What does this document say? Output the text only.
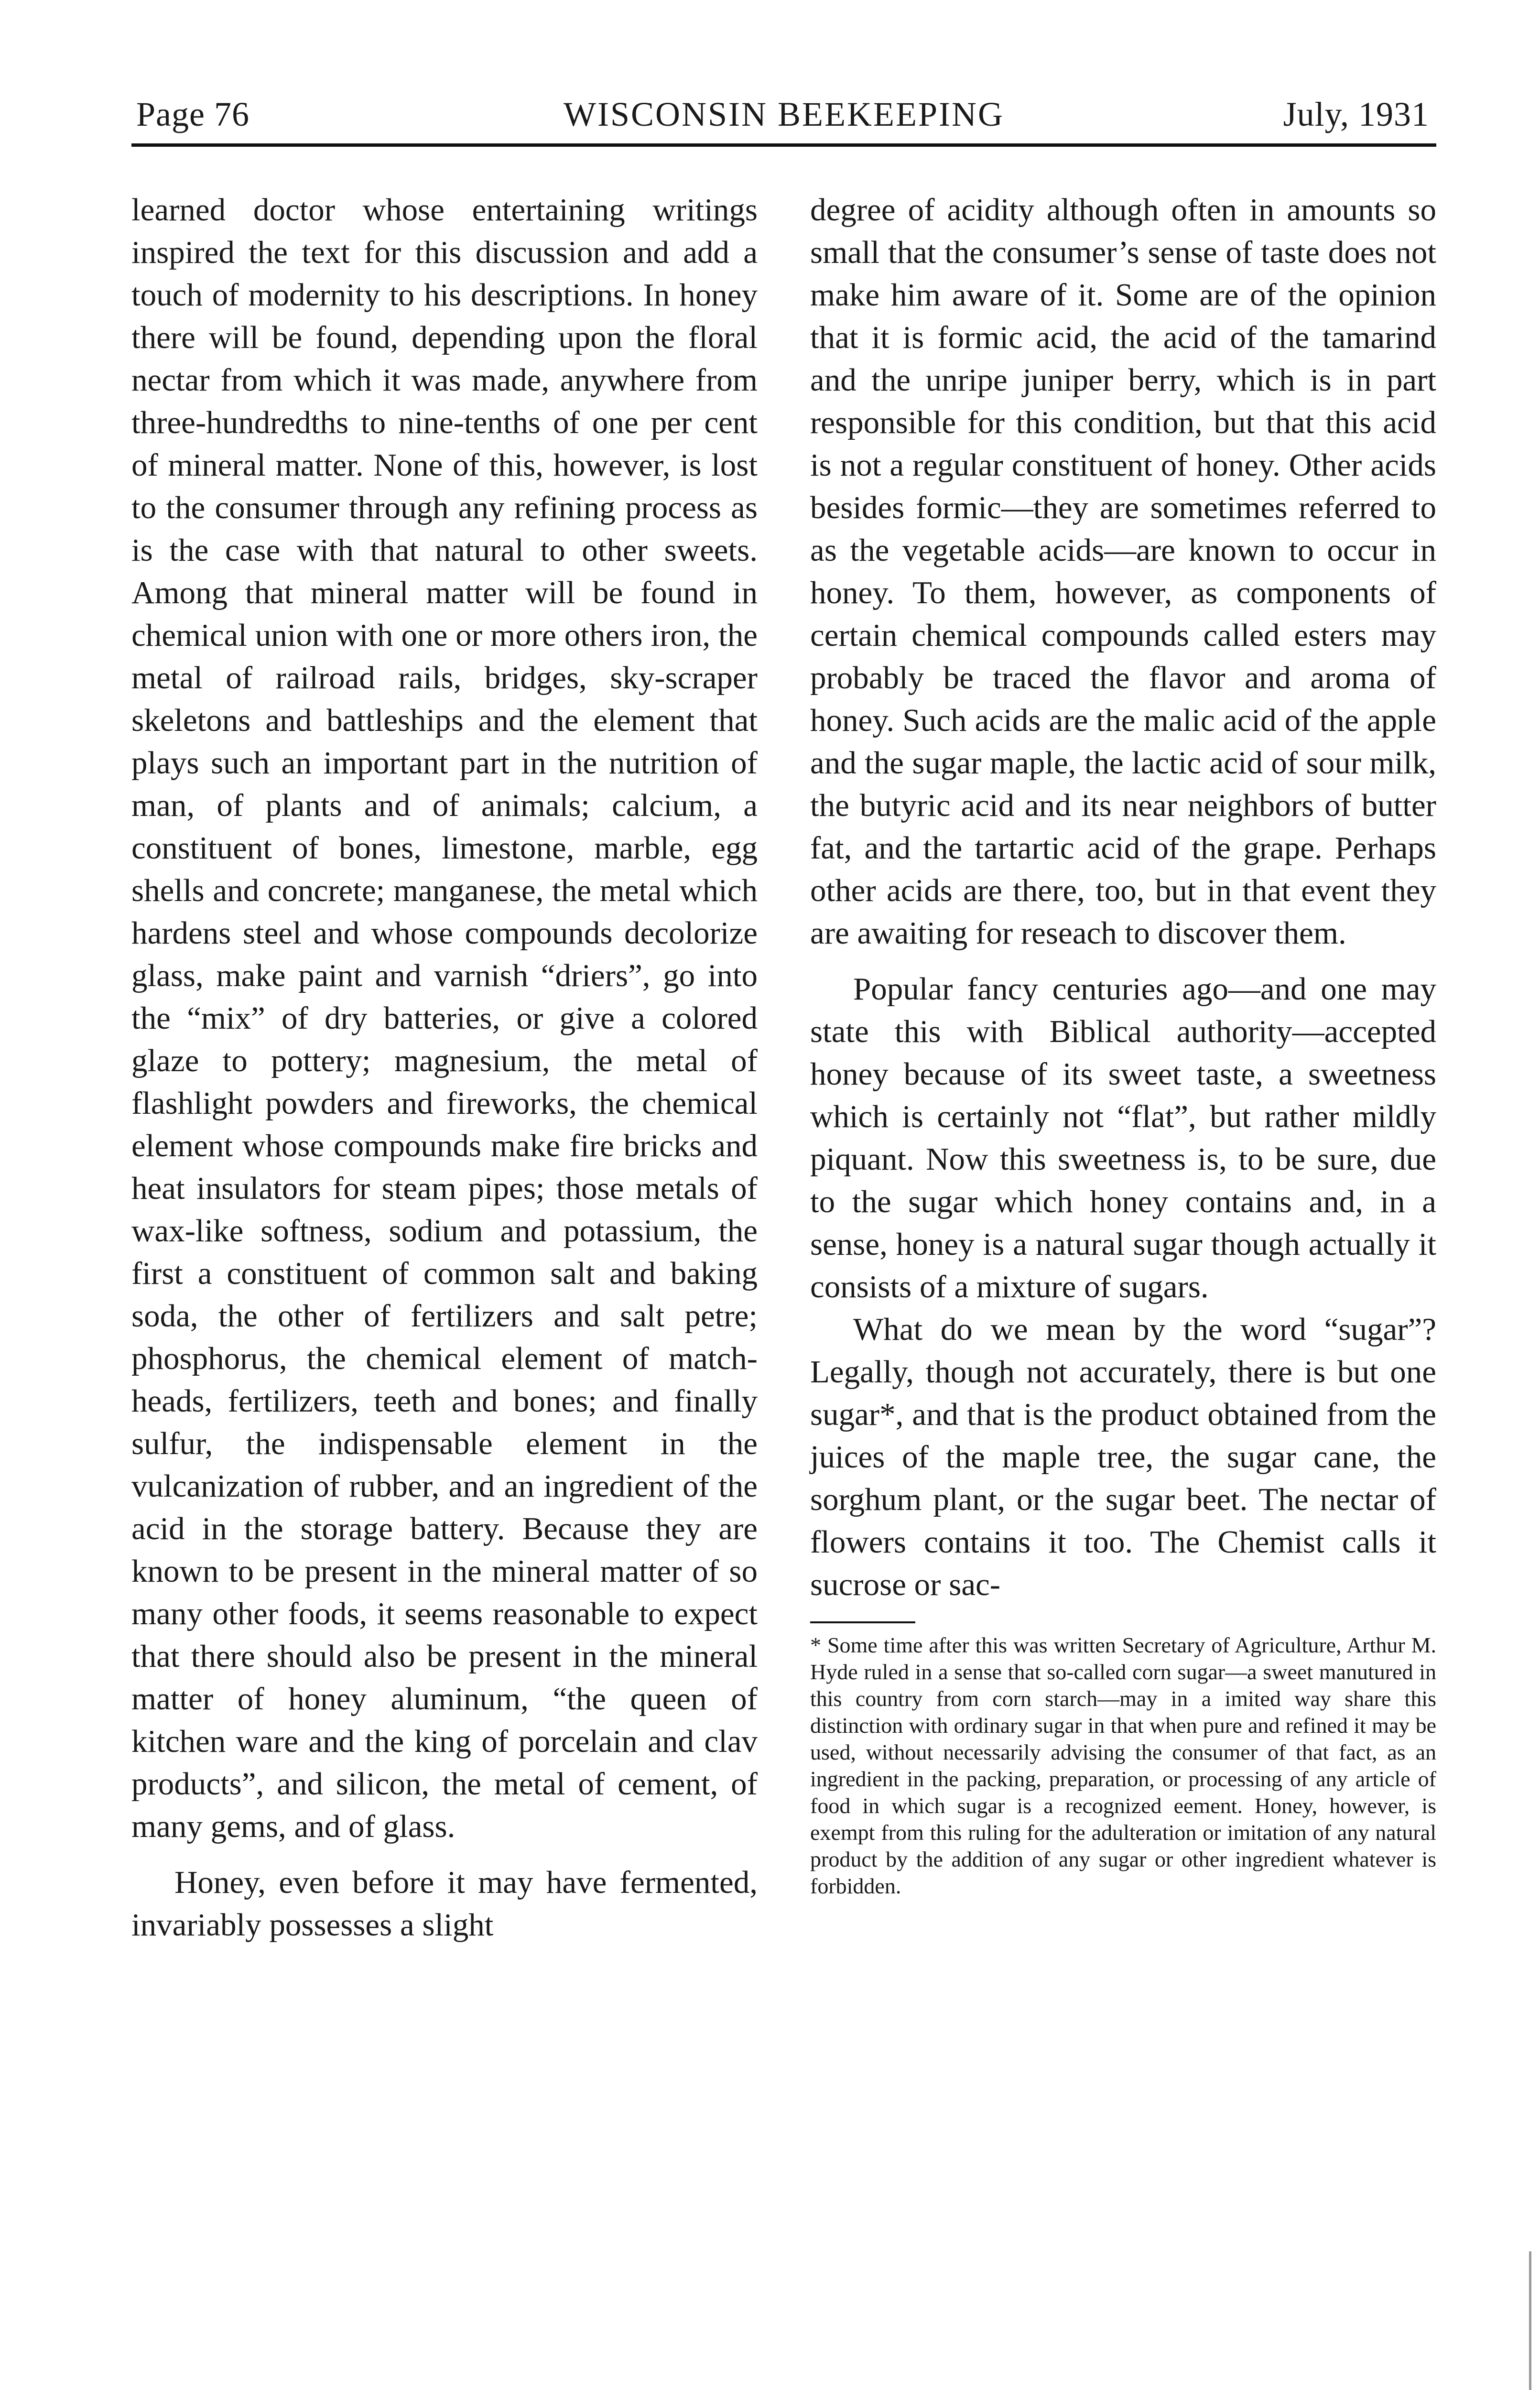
Page 76	WISCONSIN BEEKEEPING	July, 1931

learned doctor whose entertaining writings inspired the text for this discussion and add a touch of modernity to his descriptions. In honey there will be found, depending upon the floral nectar from which it was made, anywhere from three-hundredths to nine-tenths of one per cent of mineral matter. None of this, however, is lost to the consumer through any refining process as is the case with that natural to other sweets. Among that mineral matter will be found in chemical union with one or more others iron, the metal of railroad rails, bridges, sky-scraper skeletons and battleships and the element that plays such an important part in the nutrition of man, of plants and of animals; calcium, a constituent of bones, limestone, marble, egg shells and concrete; manganese, the metal which hardens steel and whose compounds decolorize glass, make paint and varnish “driers”, go into the “mix” of dry batteries, or give a colored glaze to pottery; magnesium, the metal of flashlight powders and fireworks, the chemical element whose compounds make fire bricks and heat insulators for steam pipes; those metals of wax-like softness, sodium and potassium, the first a constituent of common salt and baking soda, the other of fertilizers and salt petre; phosphorus, the chemical element of match-heads, fertilizers, teeth and bones; and finally sulfur, the indispensable element in the vulcanization of rubber, and an ingredient of the acid in the storage battery. Because they are known to be present in the mineral matter of so many other foods, it seems reasonable to expect that there should also be present in the mineral matter of honey aluminum, “the queen of kitchen ware and the king of porcelain and clav products”, and silicon, the metal of cement, of many gems, and of glass.

Honey, even before it may have fermented, invariably possesses a slight

degree of acidity although often in amounts so small that the consumer’s sense of taste does not make him aware of it. Some are of the opinion that it is formic acid, the acid of the tamarind and the unripe juniper berry, which is in part responsible for this condition, but that this acid is not a regular constituent of honey. Other acids besides formic—they are sometimes referred to as the vegetable acids—are known to occur in honey. To them, however, as components of certain chemical compounds called esters may probably be traced the flavor and aroma of honey. Such acids are the malic acid of the apple and the sugar maple, the lactic acid of sour milk, the butyric acid and its near neighbors of butter fat, and the tartartic acid of the grape. Perhaps other acids are there, too, but in that event they are awaiting for reseach to discover them.

Popular fancy centuries ago—and one may state this with Biblical authority—accepted honey because of its sweet taste, a sweetness which is certainly not “flat”, but rather mildly piquant. Now this sweetness is, to be sure, due to the sugar which honey contains and, in a sense, honey is a natural sugar though actually it consists of a mixture of sugars.

What do we mean by the word “sugar”? Legally, though not accurately, there is but one sugar*, and that is the product obtained from the juices of the maple tree, the sugar cane, the sorghum plant, or the sugar beet. The nectar of flowers contains it too. The Chemist calls it sucrose or sac-

* Some time after this was written Secretary of Agriculture, Arthur M. Hyde ruled in a sense that so-called corn sugar—a sweet manutured in this country from corn starch—may in a imited way share this distinction with ordinary sugar in that when pure and refined it may be used, without necessarily advising the consumer of that fact, as an ingredient in the packing, preparation, or processing of any article of food in which sugar is a recognized eement. Honey, however, is exempt from this ruling for the adulteration or imitation of any natural product by the addition of any sugar or other ingredient whatever is forbidden.
